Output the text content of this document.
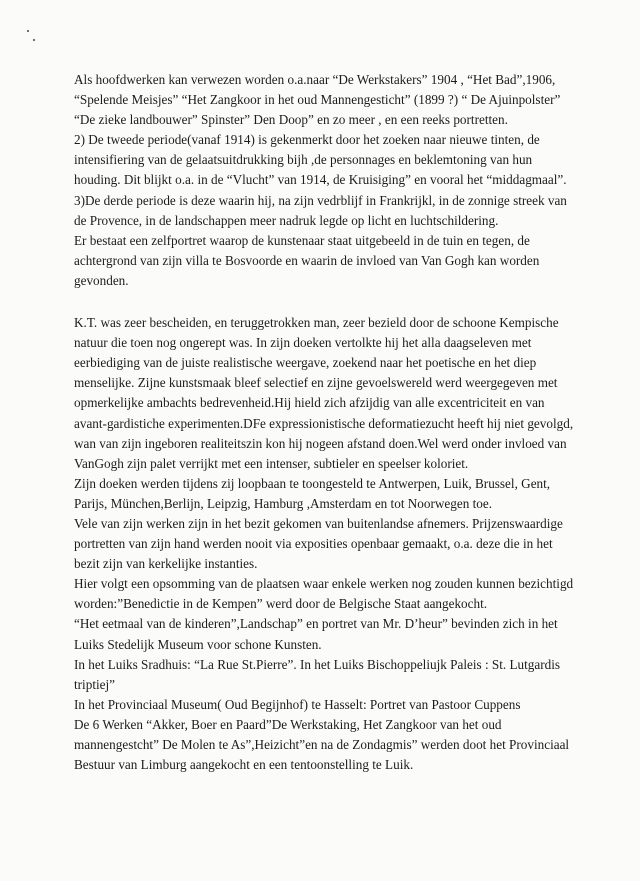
Als hoofdwerken kan verwezen worden o.a.naar “De Werkstakers” 1904 , “Het Bad”,1906,
“Spelende Meisjes” “Het Zangkoor in het oud Mannengesticht” (1899 ?) “ De Ajuinpolster”
“De zieke landbouwer” Spinster” Den Doop” en zo meer , en een reeks portretten.
2) De tweede periode(vanaf 1914) is gekenmerkt door het zoeken naar nieuwe tinten, de
intensifiering van de gelaatsuitdrukking bijh ,de personnages en beklemtoning van hun
houding. Dit blijkt o.a. in de “Vlucht” van 1914, de Kruisiging” en vooral het “middagmaal”.
3)De derde periode is deze waarin hij, na zijn vedrblijf in Frankrijkl, in de zonnige streek van
de Provence, in de landschappen meer nadruk legde op licht en luchtschildering.
Er bestaat een zelfportret waarop de kunstenaar staat uitgebeeld in de tuin en tegen, de
achtergrond van zijn villa te Bosvoorde en waarin de invloed van Van Gogh kan worden
gevonden.
K.T. was zeer bescheiden, en teruggetrokken man, zeer bezield door de schoone Kempische
natuur die toen nog ongerept was. In zijn doeken vertolkte hij het alla daagseleven met
eerbiediging van de juiste realistische weergave, zoekend naar het poetische en het diep
menselijke. Zijne kunstsmaak bleef selectief en zijne gevoelswereld werd weergegeven met
opmerkelijke ambachts bedrevenheid.Hij hield zich afzijdig van alle excentriciteit en van
avant-gardistiche experimenten.DFe expressionistische deformatiezucht heeft hij niet gevolgd,
wan van zijn ingeboren realiteitszin kon hij nogeen afstand doen.Wel werd onder invloed van
VanGogh zijn palet verrijkt met een intenser, subtieler en speelser koloriet.
Zijn doeken werden tijdens zij loopbaan te toongesteld te Antwerpen, Luik, Brussel, Gent,
Parijs, München,Berlijn, Leipzig, Hamburg ,Amsterdam en tot Noorwegen toe.
Vele van zijn werken zijn in het bezit gekomen van buitenlandse afnemers. Prijzenswaardige
portretten van zijn hand werden nooit via exposities openbaar gemaakt, o.a. deze die in het
bezit zijn van kerkelijke instanties.
Hier volgt een opsomming van de plaatsen waar enkele werken nog zouden kunnen bezichtigd
worden:”Benedictie in de Kempen” werd door de Belgische Staat aangekocht.
“Het eetmaal van de kinderen”,Landschap” en portret van Mr. D’heur” bevinden zich in het
Luiks Stedelijk Museum voor schone Kunsten.
In het Luiks Sradhuis: “La Rue St.Pierre”. In het Luiks Bischoppeliujk Paleis : St. Lutgardis
triptiej”
In het Provinciaal Museum( Oud Begijnhof) te Hasselt: Portret van Pastoor Cuppens
De 6 Werken “Akker, Boer en Paard”De Werkstaking, Het Zangkoor van het oud
mannengestcht” De Molen te As”,Heizicht”en na de Zondagmis” werden doot het Provinciaal
Bestuur van Limburg aangekocht en een tentoonstelling te Luik.
